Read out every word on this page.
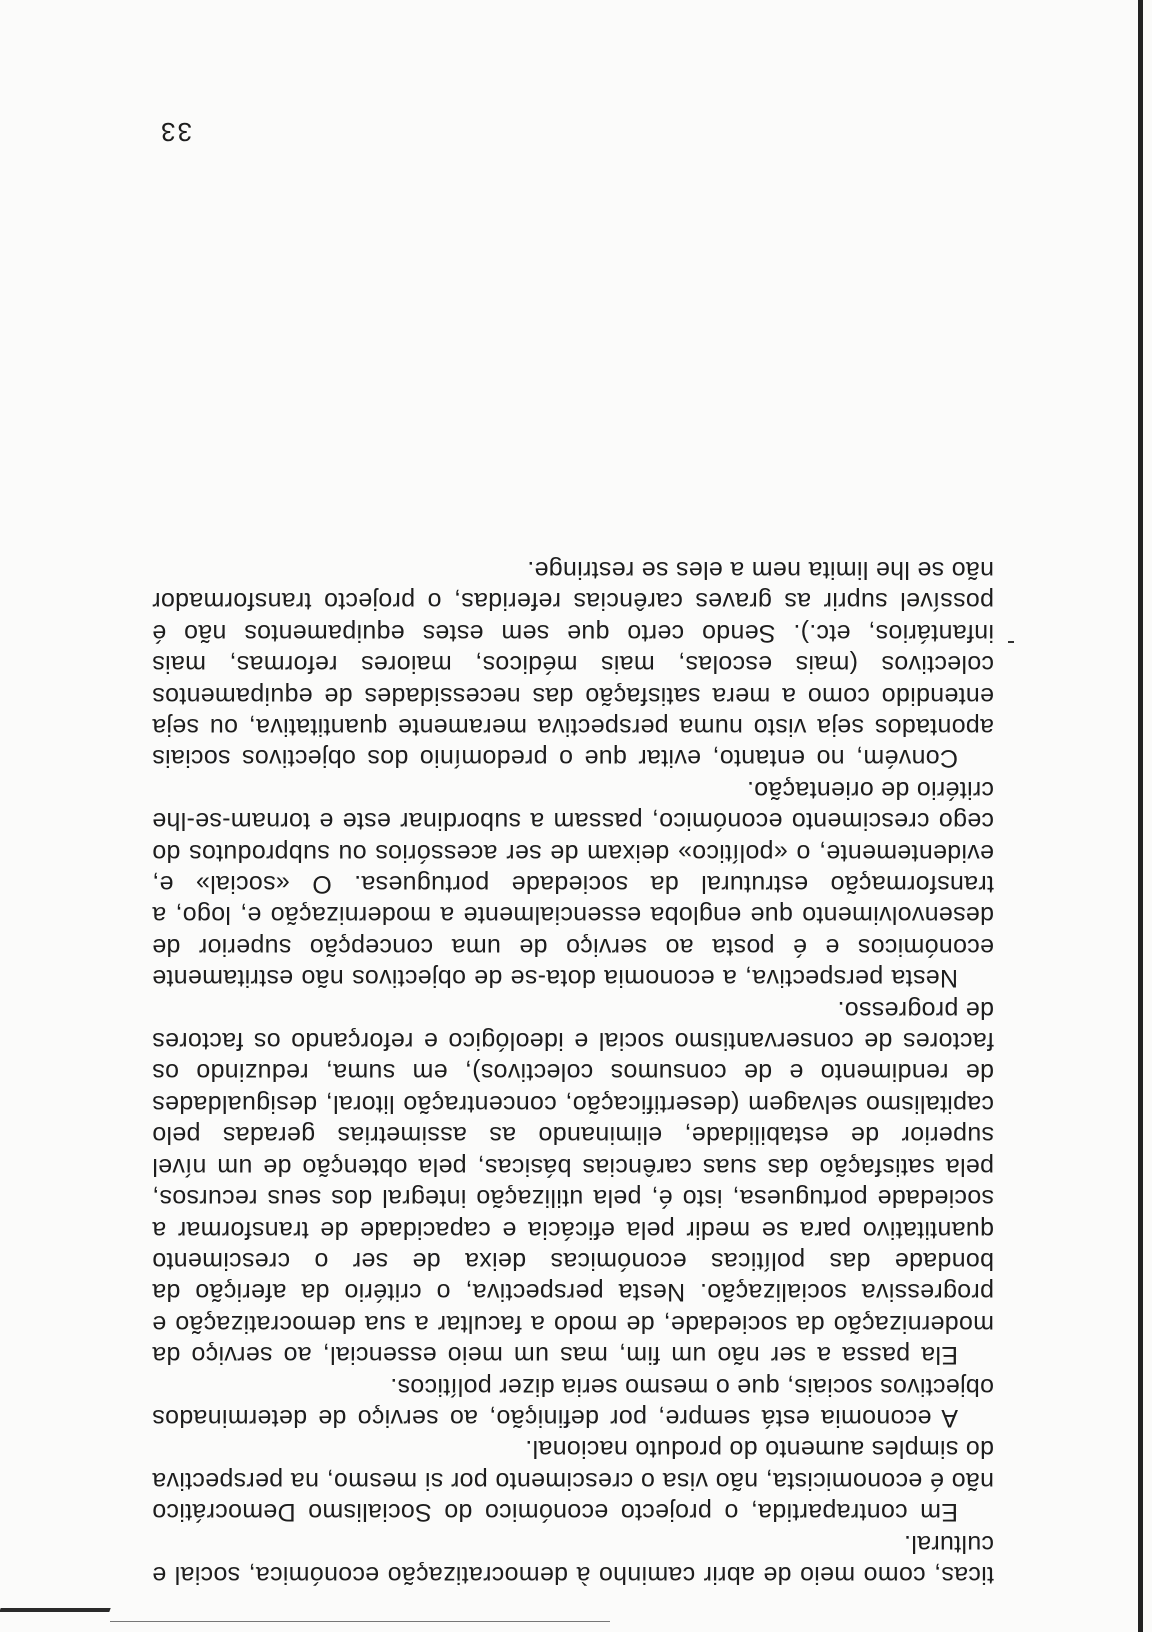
ticas, como meio de abrir caminho à democratização económica, social e cultural.

Em contrapartida, o projecto económico do Socialismo Democrático não é economicista, não visa o crescimento por si mesmo, na perspectiva do simples aumento do produto nacional.

A economia está sempre, por definição, ao serviço de determinados objectivos sociais, que o mesmo seria dizer políticos.

Ela passa a ser não um fim, mas um meio essencial, ao serviço da modernização da sociedade, de modo a facultar a sua democratização e progressiva socialização. Nesta perspectiva, o critério da aferição da bondade das políticas económicas deixa de ser o crescimento quantitativo para se medir pela eficácia e capacidade de transformar a sociedade portuguesa, isto é, pela utilização integral dos seus recursos, pela satisfação das suas carências básicas, pela obtenção de um nível superior de estabilidade, eliminando as assimetrias geradas pelo capitalismo selvagem (desertificação, concentração litoral, desigualdades de rendimento e de consumos colectivos), em suma, reduzindo os factores de conservantismo social e ideológico e reforçando os factores de progresso.

Nesta perspectiva, a economia dota-se de objectivos não estritamente económicos e é posta ao serviço de uma concepção superior de desenvolvimento que engloba essencialmente a modernização e, logo, a transformação estrutural da sociedade portuguesa. O «social» e, evidentemente, o «político» deixam de ser acessórios ou subprodutos do cego crescimento económico, passam a subordinar este e tornam-se-lhe critério de orientação.

Convém, no entanto, evitar que o predomínio dos objectivos sociais apontados seja visto numa perspectiva meramente quantitativa, ou seja entendido como a mera satisfação das necessidades de equipamentos colectivos (mais escolas, mais médicos, maiores reformas, mais infantários, etc.). Sendo certo que sem estes equipamentos não é possível suprir as graves carências referidas, o projecto transformador não se lhe limita nem a eles se restringe.

33
